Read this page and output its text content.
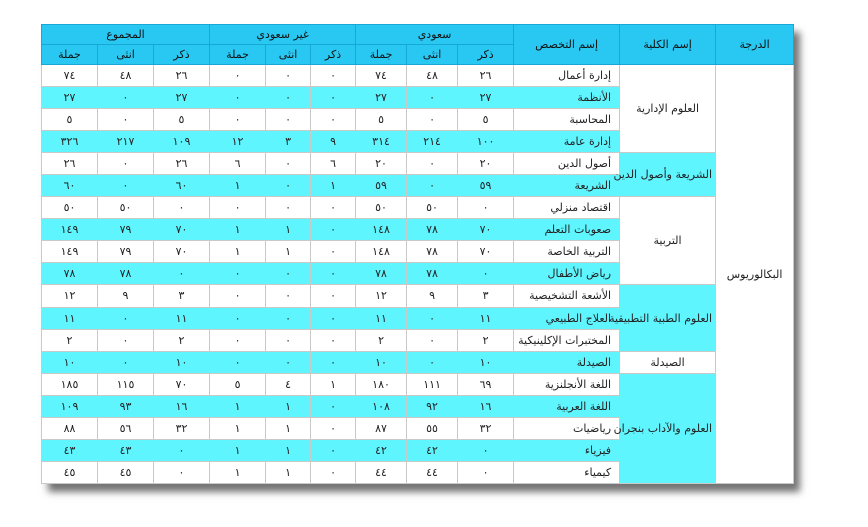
الدرجة	إسم الكلية	إسم التخصص	سعودي			غير سعودي			المجموع		
			ذكر	انثى	جملة	ذكر	انثى	جملة	ذكر	انثى	جملة
البكالوريوس	العلوم الإدارية	إدارة أعمال	٢٦	٤٨	٧٤	٠	٠	٠	٢٦	٤٨	٧٤
		الأنظمة	٢٧	٠	٢٧	٠	٠	٠	٢٧	٠	٢٧
		المحاسبة	٥	٠	٥	٠	٠	٠	٥	٠	٥
		إدارة عامة	١٠٠	٢١٤	٣١٤	٩	٣	١٢	١٠٩	٢١٧	٣٢٦
	الشريعة وأصول الدين	أصول الدين	٢٠	٠	٢٠	٦	٠	٦	٢٦	٠	٢٦
		الشريعة	٥٩	٠	٥٩	١	٠	١	٦٠	٠	٦٠
	التربية	اقتصاد منزلي	٠	٥٠	٥٠	٠	٠	٠	٠	٥٠	٥٠
		صعوبات التعلم	٧٠	٧٨	١٤٨	٠	١	١	٧٠	٧٩	١٤٩
		التربية الخاصة	٧٠	٧٨	١٤٨	٠	١	١	٧٠	٧٩	١٤٩
		رياض الأطفال	٠	٧٨	٧٨	٠	٠	٠	٠	٧٨	٧٨
	العلوم الطبية التطبيقية	الأشعة التشخيصية	٣	٩	١٢	٠	٠	٠	٣	٩	١٢
		العلاج الطبيعي	١١	٠	١١	٠	٠	٠	١١	٠	١١
		المختبرات الإكلينيكية	٢	٠	٢	٠	٠	٠	٢	٠	٢
	الصيدلة	الصيدلة	١٠	٠	١٠	٠	٠	٠	١٠	٠	١٠
	العلوم والآداب بنجران	اللغة الأنجلنزية	٦٩	١١١	١٨٠	١	٤	٥	٧٠	١١٥	١٨٥
		اللغة العربية	١٦	٩٢	١٠٨	٠	١	١	١٦	٩٣	١٠٩
		رياضيات	٣٢	٥٥	٨٧	٠	١	١	٣٢	٥٦	٨٨
		فيزياء	٠	٤٢	٤٢	٠	١	١	٠	٤٣	٤٣
		كيمياء	٠	٤٤	٤٤	٠	١	١	٠	٤٥	٤٥
